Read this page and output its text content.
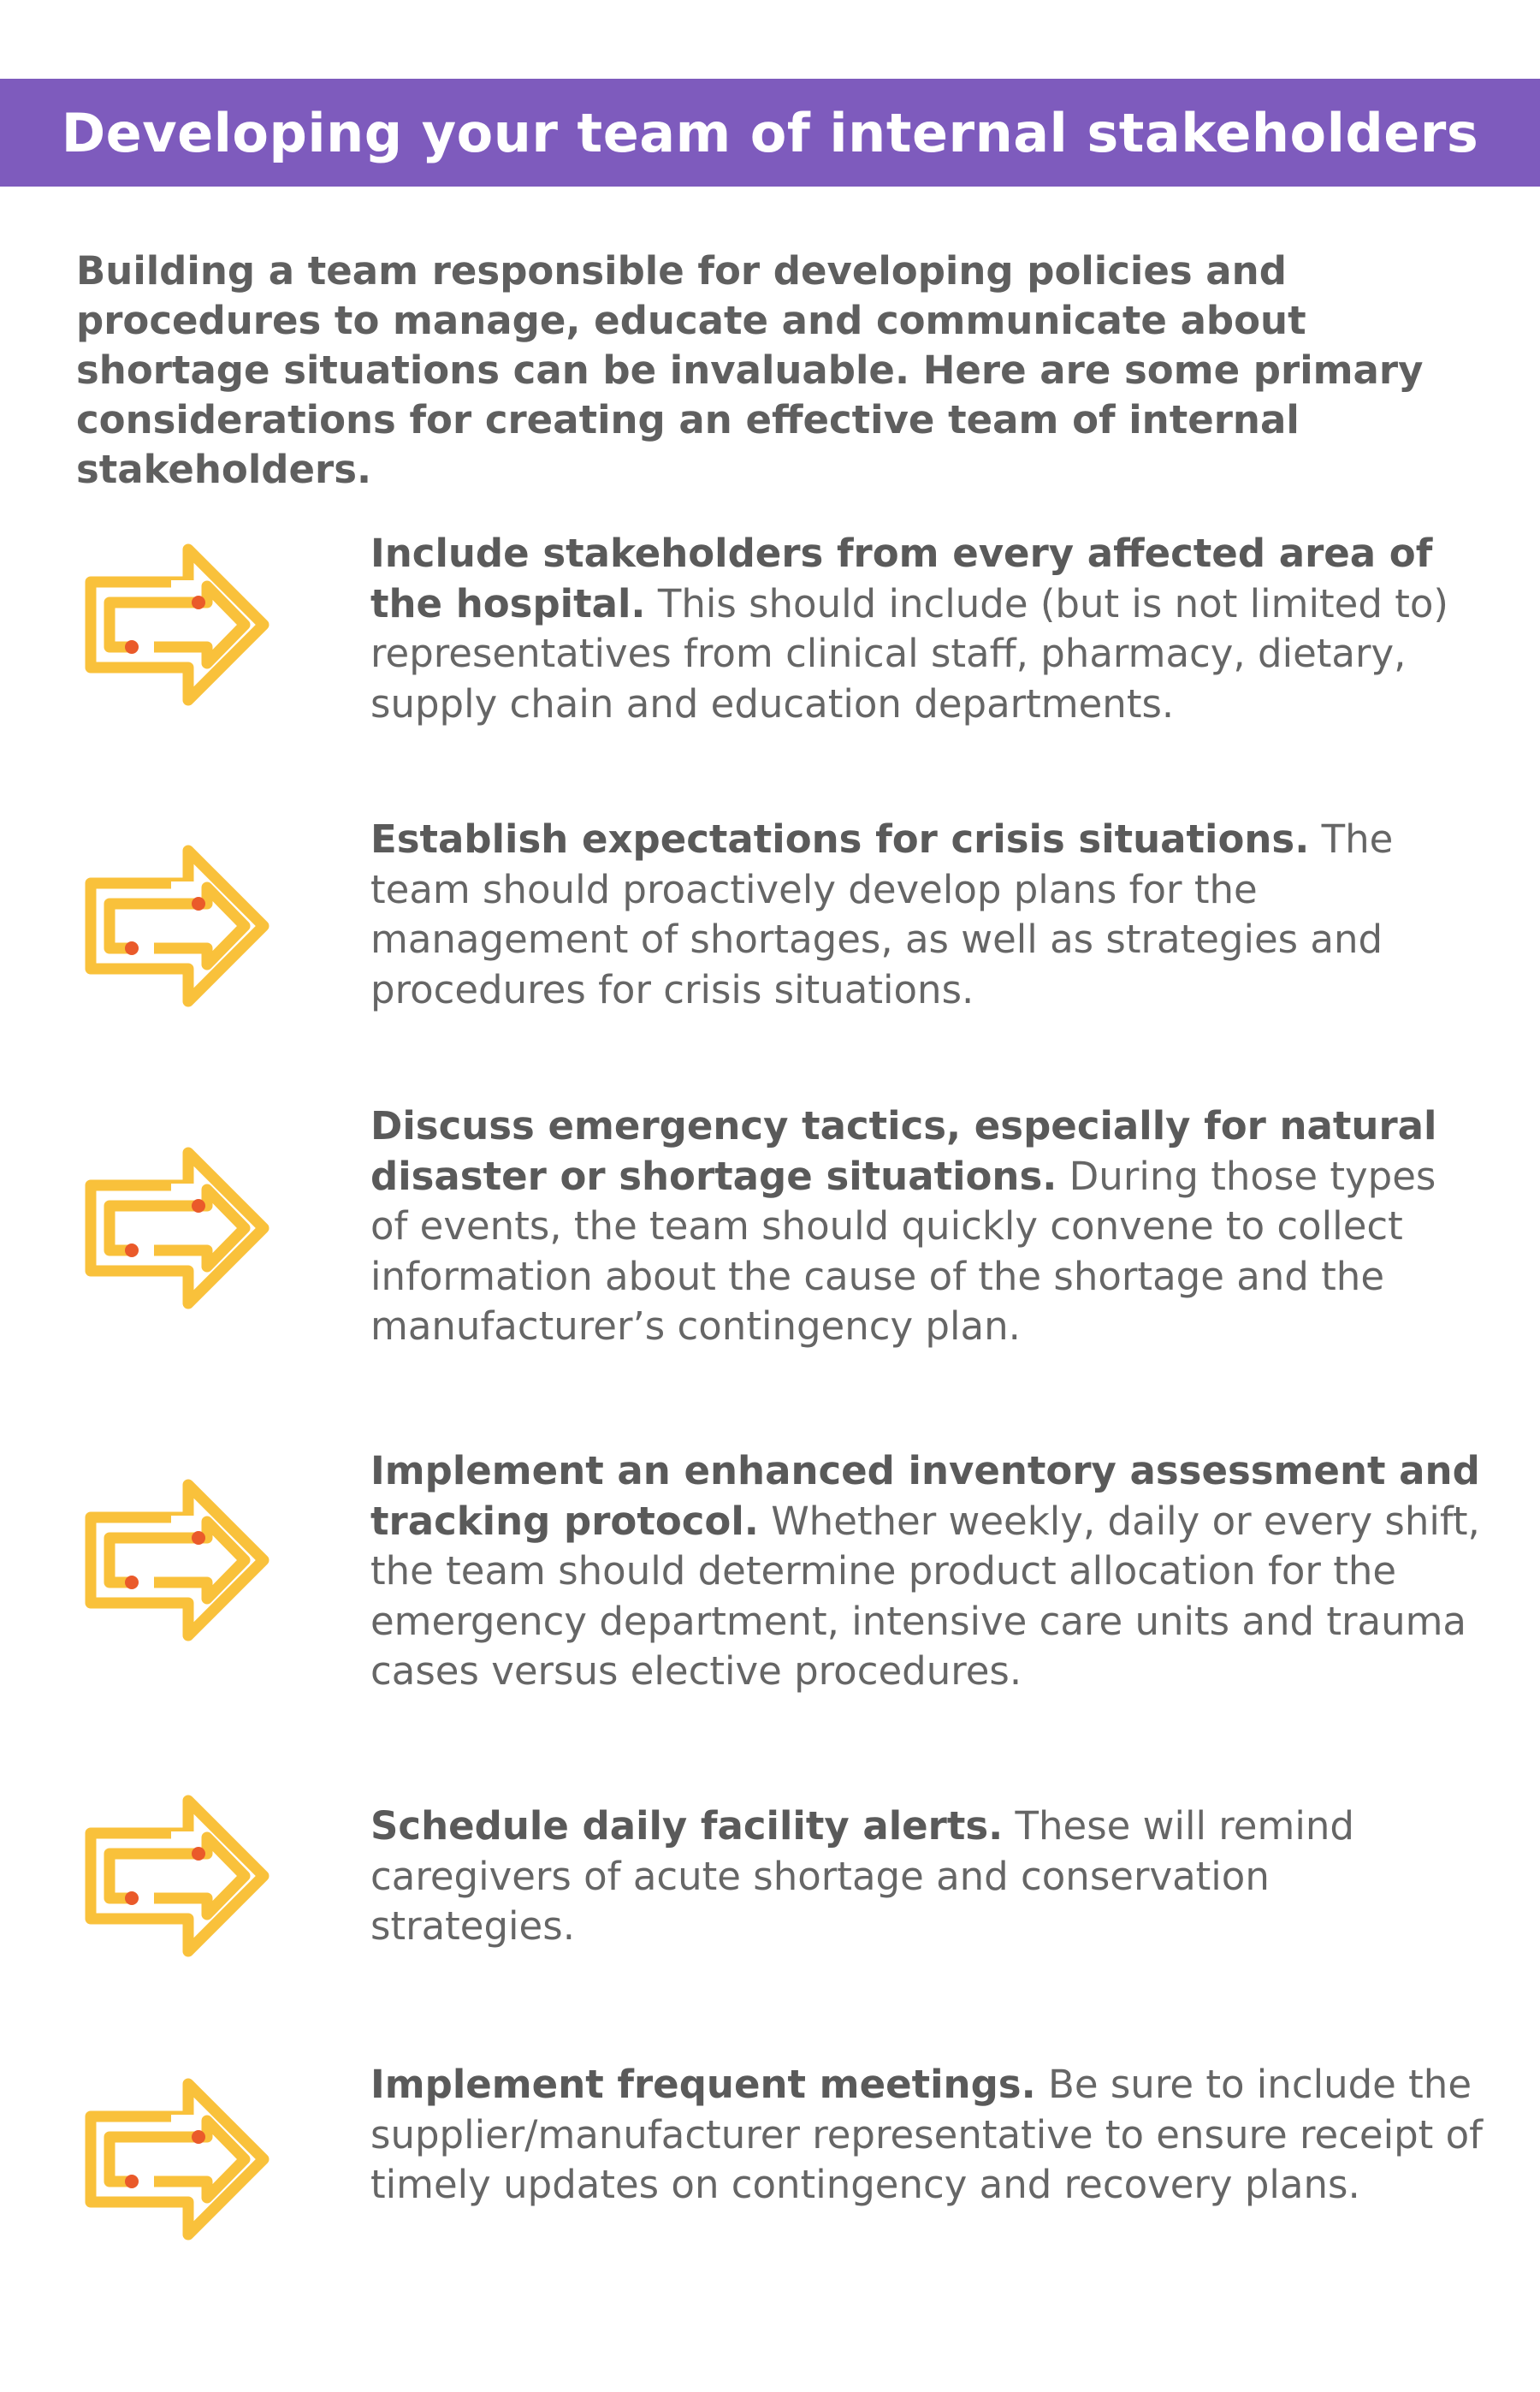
Developing your team of internal stakeholders

Building a team responsible for developing policies and procedures to manage, educate and communicate about shortage situations can be invaluable. Here are some primary considerations for creating an effective team of internal stakeholders.

Include stakeholders from every affected area of the hospital. This should include (but is not limited to) representatives from clinical staff, pharmacy, dietary, supply chain and education departments.

Establish expectations for crisis situations. The team should proactively develop plans for the management of shortages, as well as strategies and procedures for crisis situations.

Discuss emergency tactics, especially for natural disaster or shortage situations. During those types of events, the team should quickly convene to collect information about the cause of the shortage and the manufacturer’s contingency plan.

Implement an enhanced inventory assessment and tracking protocol. Whether weekly, daily or every shift, the team should determine product allocation for the emergency department, intensive care units and trauma cases versus elective procedures.

Schedule daily facility alerts. These will remind caregivers of acute shortage and conservation strategies.

Implement frequent meetings. Be sure to include the supplier/manufacturer representative to ensure receipt of timely updates on contingency and recovery plans.
